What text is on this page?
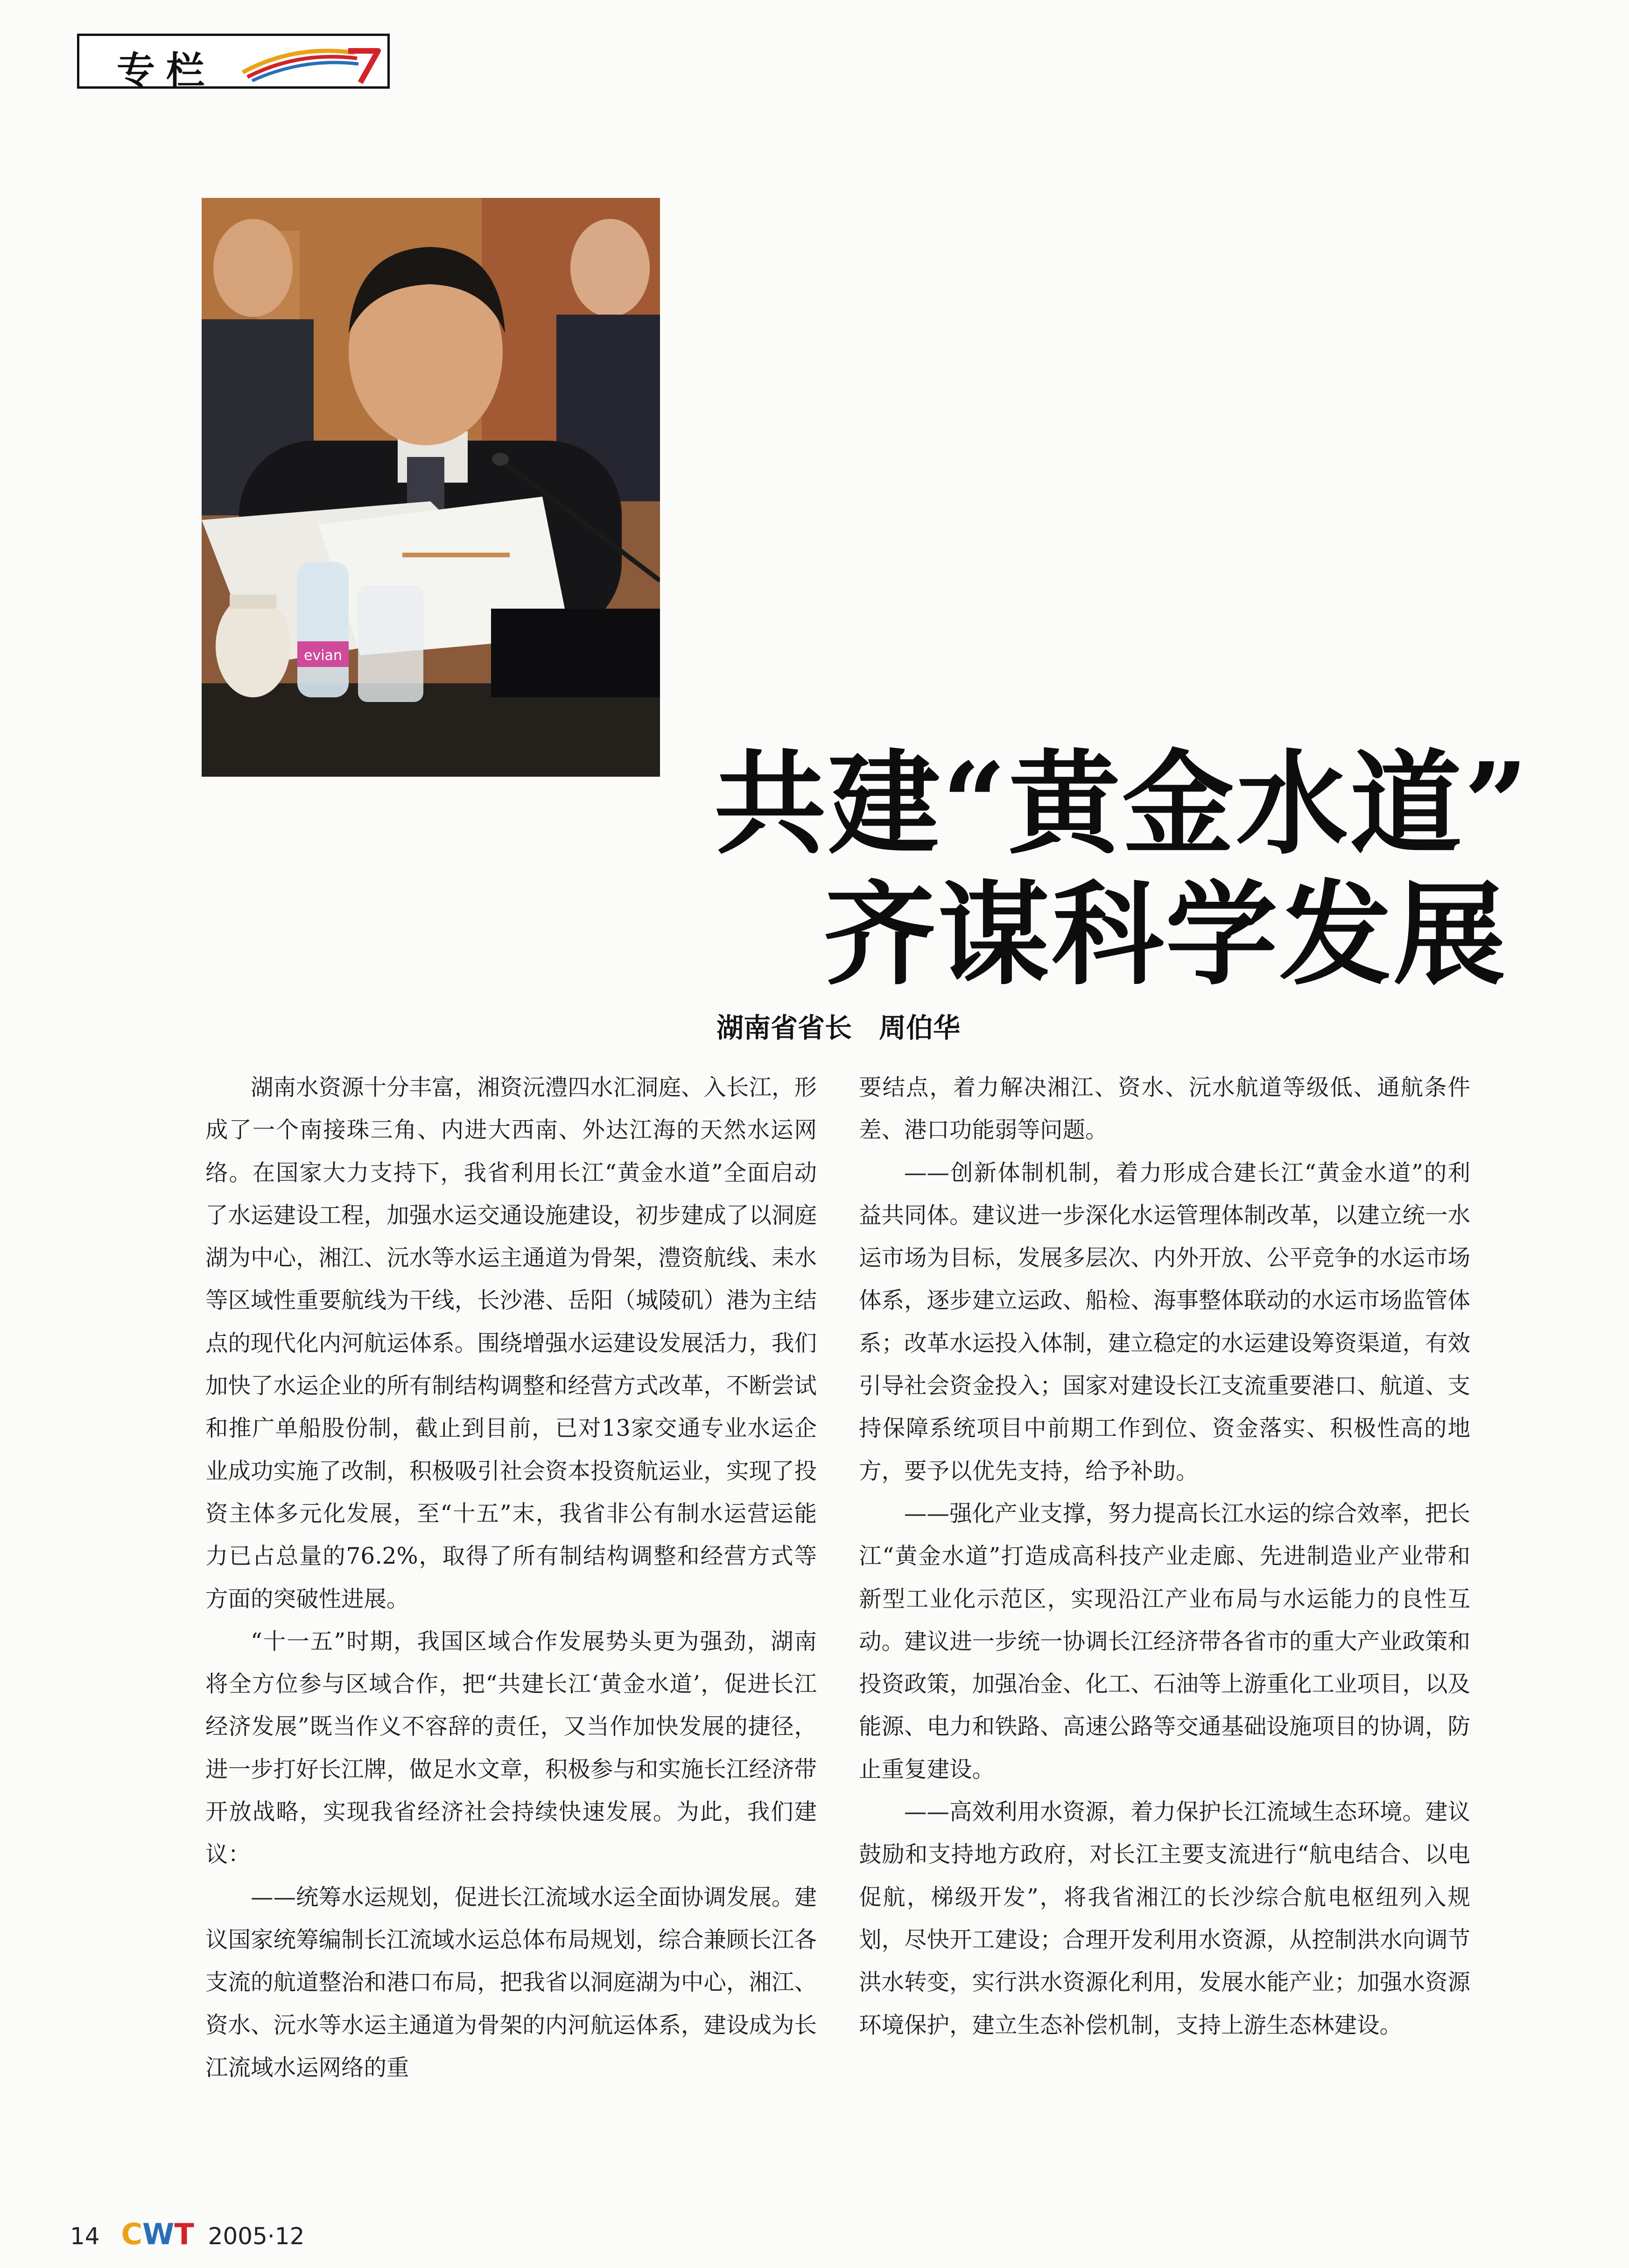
专栏
evian
共建“黄金水道”
齐谋科学发展
湖南省省长　周伯华

湖南水资源十分丰富，湘资沅澧四水汇洞庭、入长江，形成了一个南接珠三角、内进大西南、外达江海的天然水运网络。在国家大力支持下，我省利用长江“黄金水道”全面启动了水运建设工程，加强水运交通设施建设，初步建成了以洞庭湖为中心，湘江、沅水等水运主通道为骨架，澧资航线、耒水等区域性重要航线为干线，长沙港、岳阳（城陵矶）港为主结点的现代化内河航运体系。围绕增强水运建设发展活力，我们加快了水运企业的所有制结构调整和经营方式改革，不断尝试和推广单船股份制，截止到目前，已对13家交通专业水运企业成功实施了改制，积极吸引社会资本投资航运业，实现了投资主体多元化发展，至“十五”末，我省非公有制水运营运能力已占总量的76.2%，取得了所有制结构调整和经营方式等方面的突破性进展。

“十一五”时期，我国区域合作发展势头更为强劲，湖南将全方位参与区域合作，把“共建长江‘黄金水道’，促进长江经济发展”既当作义不容辞的责任，又当作加快发展的捷径，进一步打好长江牌，做足水文章，积极参与和实施长江经济带开放战略，实现我省经济社会持续快速发展。为此，我们建议：

——统筹水运规划，促进长江流域水运全面协调发展。建议国家统筹编制长江流域水运总体布局规划，综合兼顾长江各支流的航道整治和港口布局，把我省以洞庭湖为中心，湘江、资水、沅水等水运主通道为骨架的内河航运体系，建设成为长江流域水运网络的重

要结点，着力解决湘江、资水、沅水航道等级低、通航条件差、港口功能弱等问题。

——创新体制机制，着力形成合建长江“黄金水道”的利益共同体。建议进一步深化水运管理体制改革，以建立统一水运市场为目标，发展多层次、内外开放、公平竞争的水运市场体系，逐步建立运政、船检、海事整体联动的水运市场监管体系；改革水运投入体制，建立稳定的水运建设筹资渠道，有效引导社会资金投入；国家对建设长江支流重要港口、航道、支持保障系统项目中前期工作到位、资金落实、积极性高的地方，要予以优先支持，给予补助。

——强化产业支撑，努力提高长江水运的综合效率，把长江“黄金水道”打造成高科技产业走廊、先进制造业产业带和新型工业化示范区，实现沿江产业布局与水运能力的良性互动。建议进一步统一协调长江经济带各省市的重大产业政策和投资政策，加强冶金、化工、石油等上游重化工业项目，以及能源、电力和铁路、高速公路等交通基础设施项目的协调，防止重复建设。

——高效利用水资源，着力保护长江流域生态环境。建议鼓励和支持地方政府，对长江主要支流进行“航电结合、以电促航，梯级开发”，将我省湘江的长沙综合航电枢纽列入规划，尽快开工建设；合理开发利用水资源，从控制洪水向调节洪水转变，实行洪水资源化利用，发展水能产业；加强水资源环境保护，建立生态补偿机制，支持上游生态林建设。

14 CWT 2005·12
